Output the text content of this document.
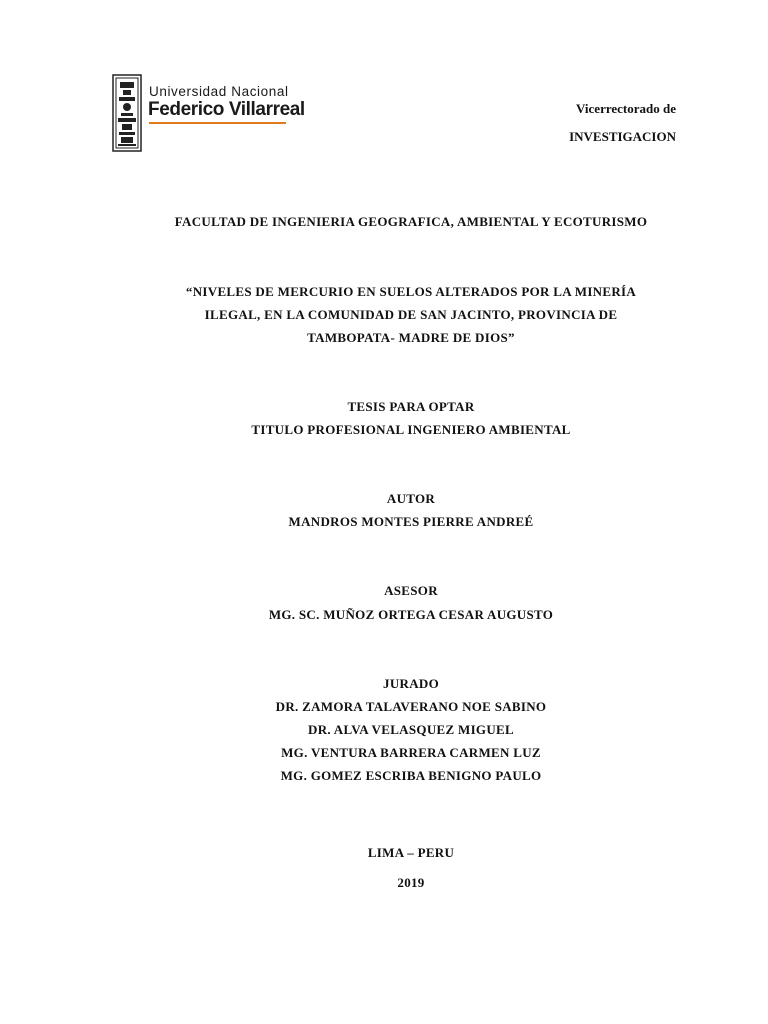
Universidad Nacional
Federico Villarreal	Vicerrectorado de
INVESTIGACION
FACULTAD DE INGENIERIA GEOGRAFICA, AMBIENTAL Y ECOTURISMO
“NIVELES DE MERCURIO EN SUELOS ALTERADOS POR LA MINERÍA
ILEGAL, EN LA COMUNIDAD DE SAN JACINTO, PROVINCIA DE
TAMBOPATA- MADRE DE DIOS”
TESIS PARA OPTAR
TITULO PROFESIONAL INGENIERO AMBIENTAL
AUTOR
MANDROS MONTES PIERRE ANDREÉ
ASESOR
MG. SC. MUÑOZ ORTEGA CESAR AUGUSTO
JURADO
DR. ZAMORA TALAVERANO NOE SABINO
DR. ALVA VELASQUEZ MIGUEL
MG. VENTURA BARRERA CARMEN LUZ
MG. GOMEZ ESCRIBA BENIGNO PAULO
LIMA – PERU
2019
